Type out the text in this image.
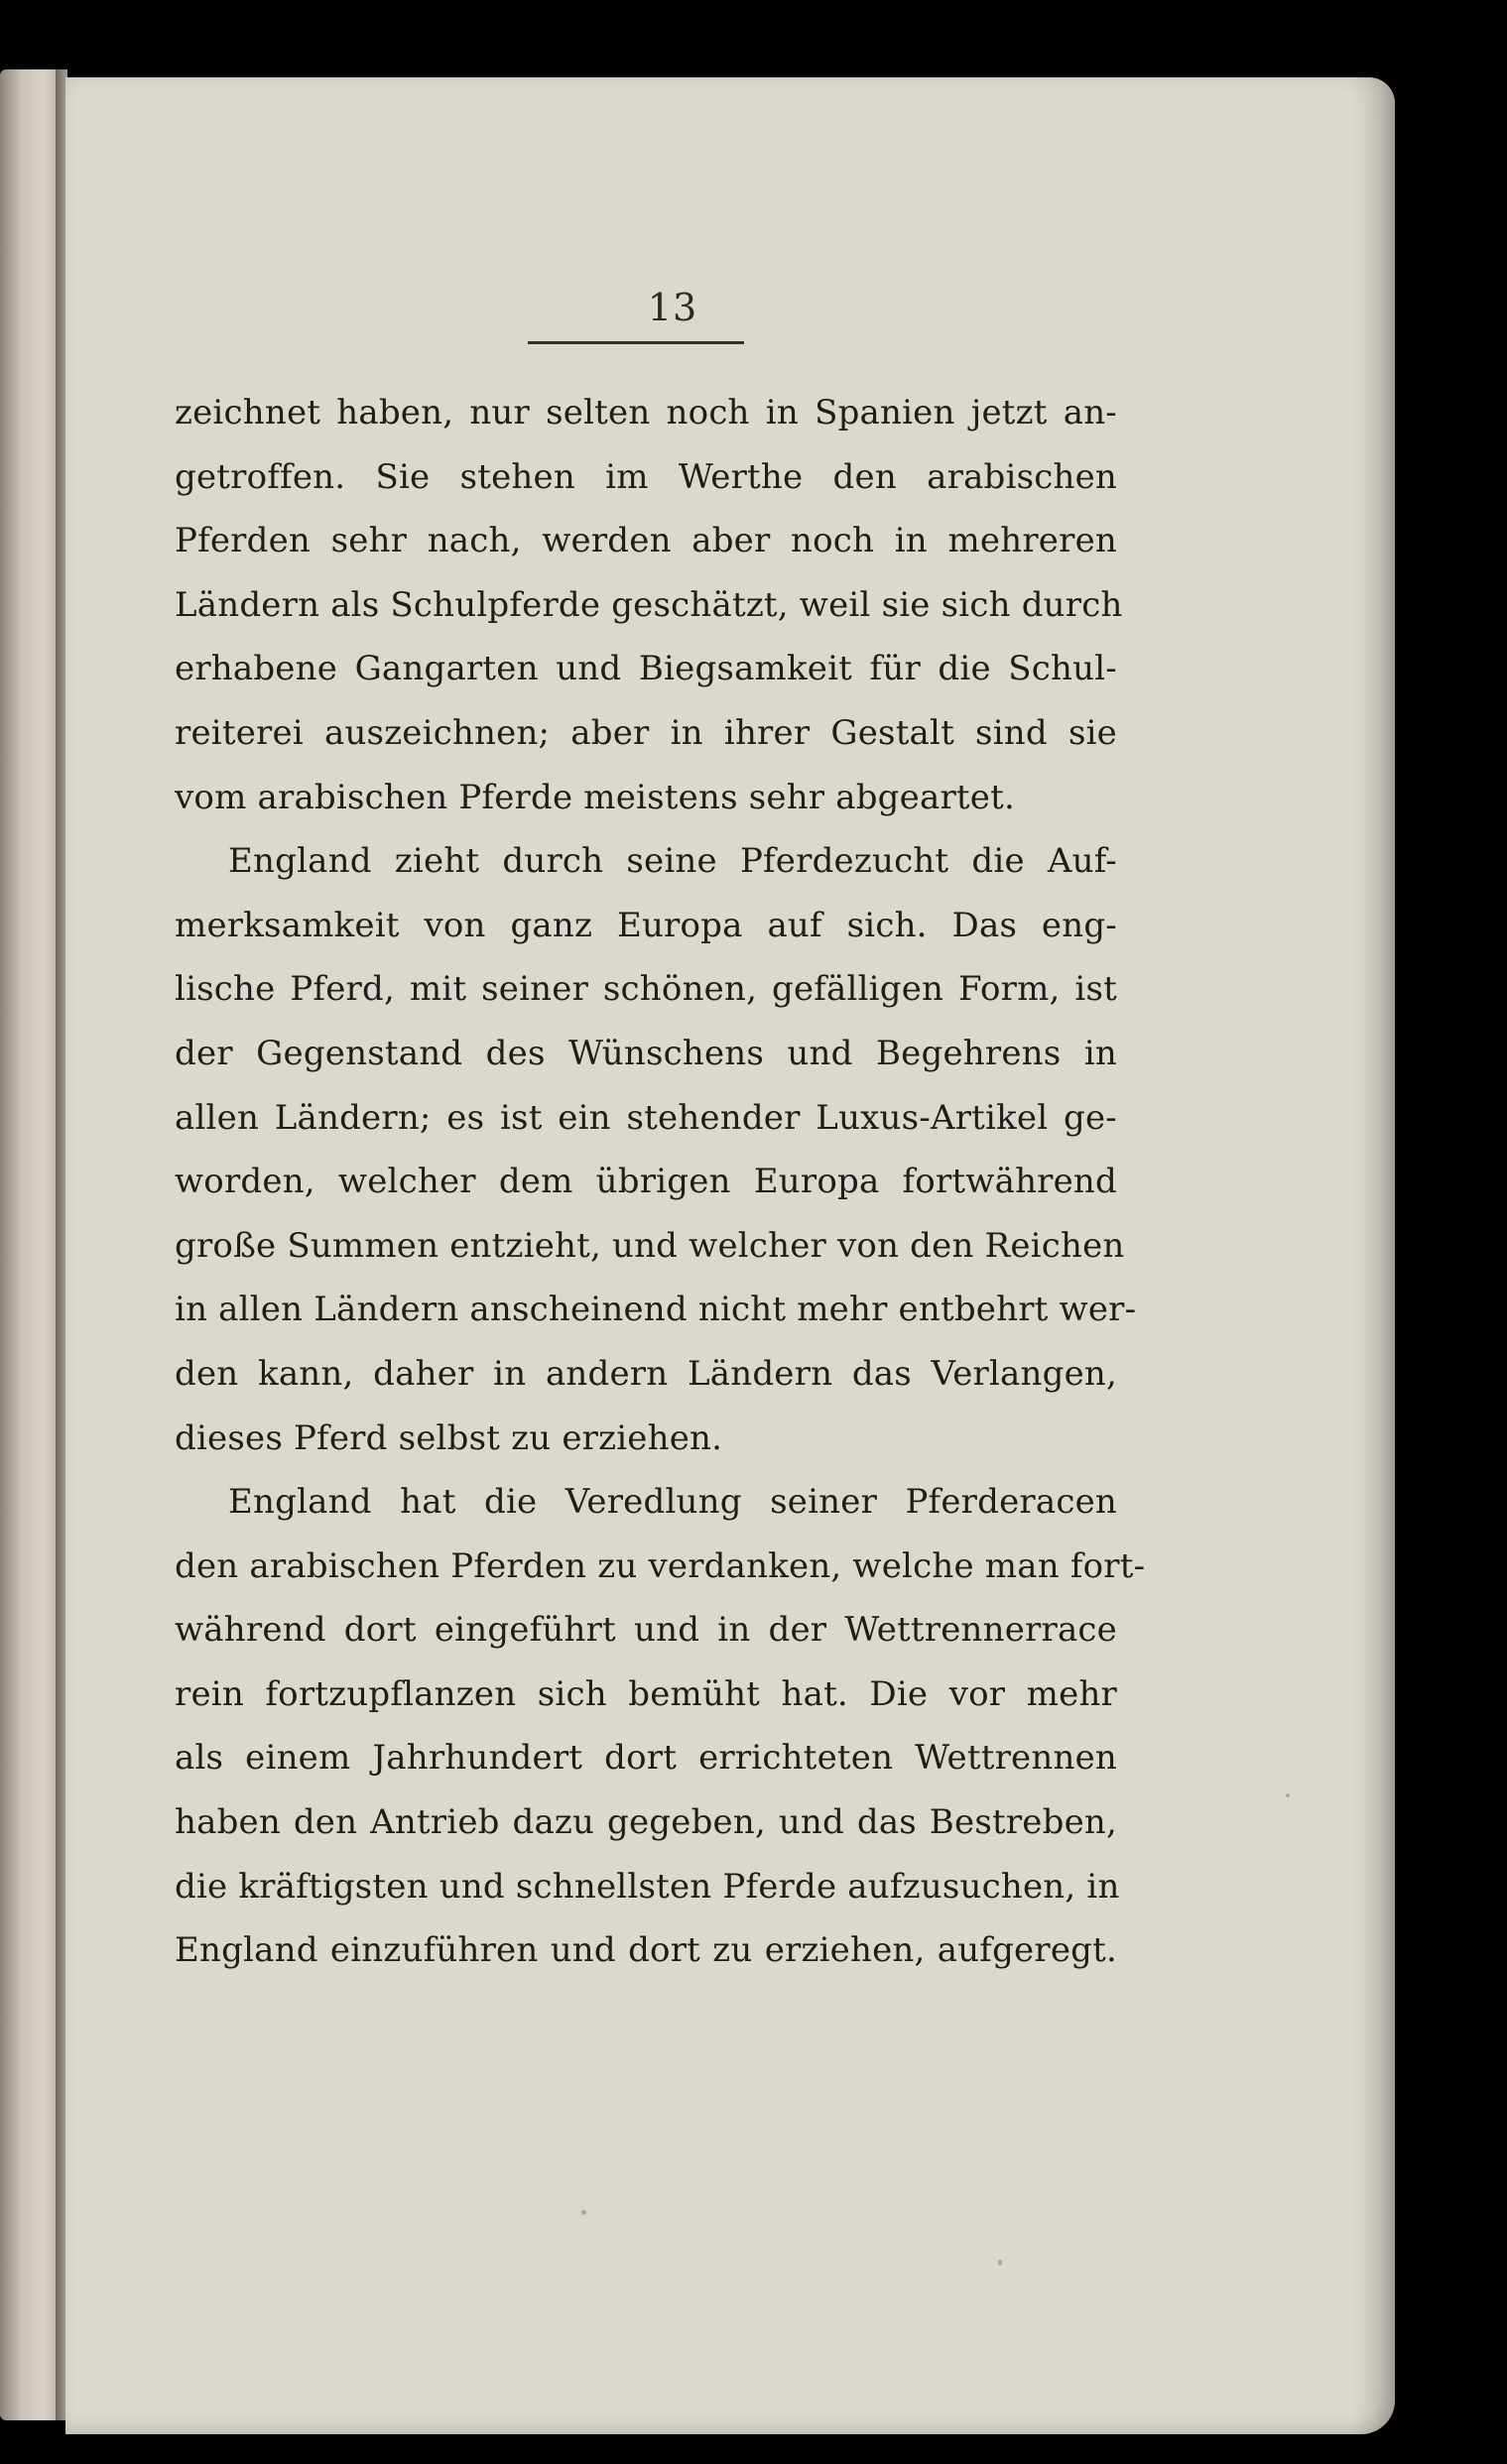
13
zeichnet haben, nur selten noch in Spanien jetzt an-
getroffen. Sie stehen im Werthe den arabischen
Pferden sehr nach, werden aber noch in mehreren
Ländern als Schulpferde geschätzt, weil sie sich durch
erhabene Gangarten und Biegsamkeit für die Schul-
reiterei auszeichnen; aber in ihrer Gestalt sind sie
vom arabischen Pferde meistens sehr abgeartet.
England zieht durch seine Pferdezucht die Auf-
merksamkeit von ganz Europa auf sich. Das eng-
lische Pferd, mit seiner schönen, gefälligen Form, ist
der Gegenstand des Wünschens und Begehrens in
allen Ländern; es ist ein stehender Luxus-Artikel ge-
worden, welcher dem übrigen Europa fortwährend
große Summen entzieht, und welcher von den Reichen
in allen Ländern anscheinend nicht mehr entbehrt wer-
den kann, daher in andern Ländern das Verlangen,
dieses Pferd selbst zu erziehen.
England hat die Veredlung seiner Pferderacen
den arabischen Pferden zu verdanken, welche man fort-
während dort eingeführt und in der Wettrennerrace
rein fortzupflanzen sich bemüht hat. Die vor mehr
als einem Jahrhundert dort errichteten Wettrennen
haben den Antrieb dazu gegeben, und das Bestreben,
die kräftigsten und schnellsten Pferde aufzusuchen, in
England einzuführen und dort zu erziehen, aufgeregt.
